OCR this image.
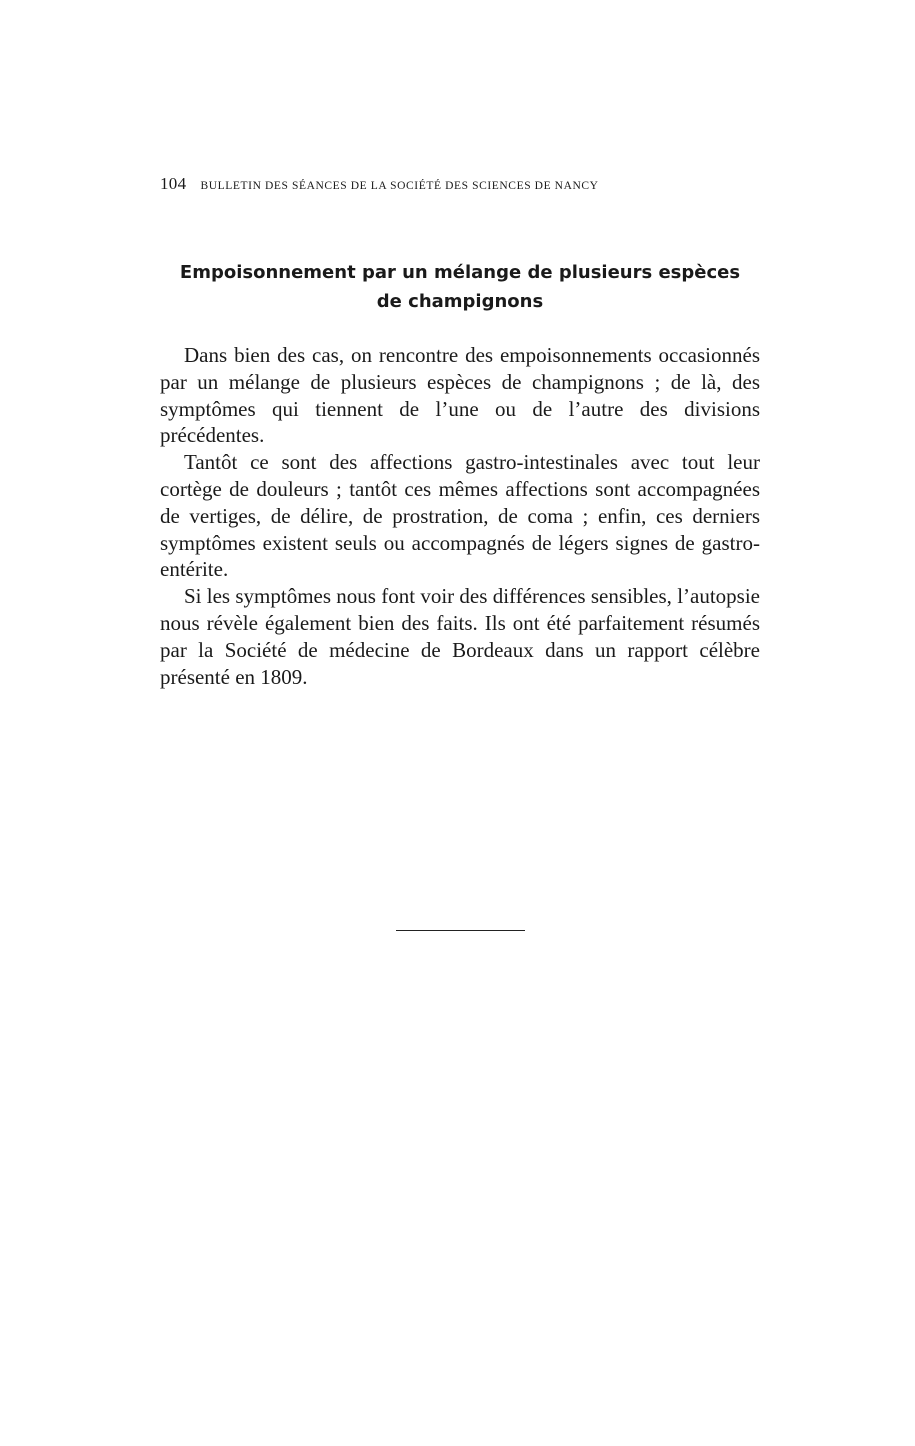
104 BULLETIN DES SÉANCES DE LA SOCIÉTÉ DES SCIENCES DE NANCY
Empoisonnement par un mélange de plusieurs espèces
de champignons

Dans bien des cas, on rencontre des empoisonnements occasionnés par un mélange de plusieurs espèces de champignons ; de là, des symptômes qui tiennent de l’une ou de l’autre des divisions précédentes.

Tantôt ce sont des affections gastro-intestinales avec tout leur cortège de douleurs ; tantôt ces mêmes affections sont accompagnées de vertiges, de délire, de prostration, de coma ; enfin, ces derniers symptômes existent seuls ou accompagnés de légers signes de gastro-entérite.

Si les symptômes nous font voir des différences sensibles, l’autopsie nous révèle également bien des faits. Ils ont été parfaitement résumés par la Société de médecine de Bordeaux dans un rapport célèbre présenté en 1809.
